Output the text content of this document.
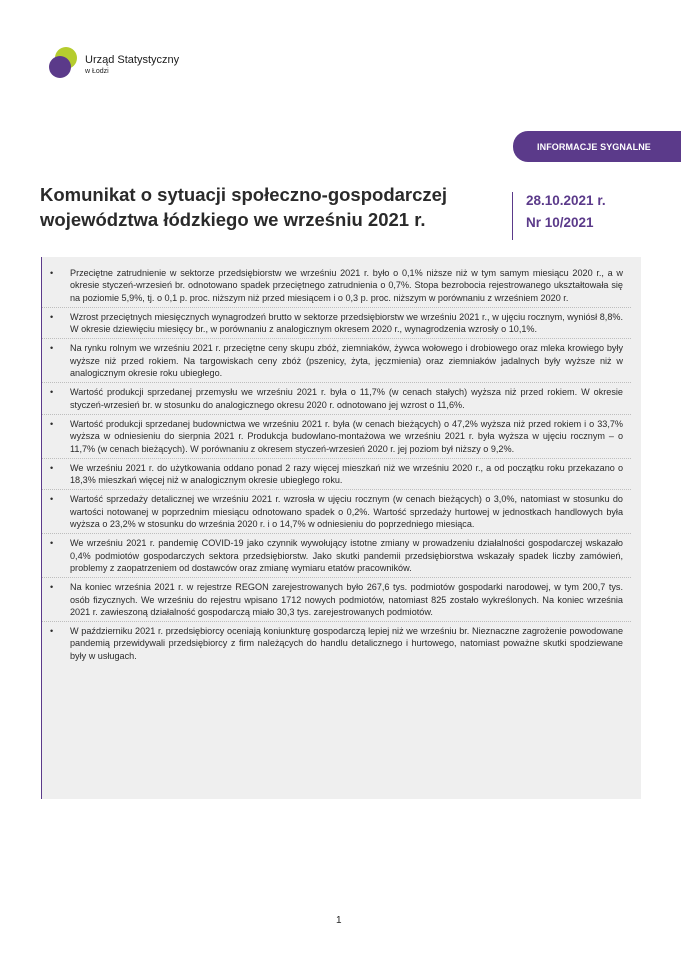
Urząd Statystyczny
w Łodzi
INFORMACJE SYGNALNE
Komunikat o sytuacji społeczno-gospodarczej
województwa łódzkiego we wrześniu 2021 r.
28.10.2021 r.
Nr 10/2021
• Przeciętne zatrudnienie w sektorze przedsiębiorstw we wrześniu 2021 r. było o 0,1% niższe niż w tym samym miesiącu 2020 r., a w okresie styczeń-wrzesień br. odnotowano spadek przeciętnego zatrudnienia o 0,7%. Stopa bezrobocia rejestrowanego ukształtowała się na poziomie 5,9%, tj. o 0,1 p. proc. niższym niż przed miesiącem i o 0,3 p. proc. niższym w porównaniu z wrześniem 2020 r.
• Wzrost przeciętnych miesięcznych wynagrodzeń brutto w sektorze przedsiębiorstw we wrześniu 2021 r., w ujęciu rocznym, wyniósł 8,8%. W okresie dziewięciu miesięcy br., w porównaniu z analogicznym okresem 2020 r., wynagrodzenia wzrosły o 10,1%.
• Na rynku rolnym we wrześniu 2021 r. przeciętne ceny skupu zbóż, ziemniaków, żywca wołowego i drobiowego oraz mleka krowiego były wyższe niż przed rokiem. Na targowiskach ceny zbóż (pszenicy, żyta, jęczmienia) oraz ziemniaków jadalnych były wyższe niż w analogicznym okresie roku ubiegłego.
• Wartość produkcji sprzedanej przemysłu we wrześniu 2021 r. była o 11,7% (w cenach stałych) wyższa niż przed rokiem. W okresie styczeń-wrzesień br. w stosunku do analogicznego okresu 2020 r. odnotowano jej wzrost o 11,6%.
• Wartość produkcji sprzedanej budownictwa we wrześniu 2021 r. była (w cenach bieżących) o 47,2% wyższa niż przed rokiem i o 33,7% wyższa w odniesieniu do sierpnia 2021 r. Produkcja budowlano-montażowa we wrześniu 2021 r. była wyższa w ujęciu rocznym – o 11,7% (w cenach bieżących). W porównaniu z okresem styczeń-wrzesień 2020 r. jej poziom był niższy o 9,2%.
• We wrześniu 2021 r. do użytkowania oddano ponad 2 razy więcej mieszkań niż we wrześniu 2020 r., a od początku roku przekazano o 18,3% mieszkań więcej niż w analogicznym okresie ubiegłego roku.
• Wartość sprzedaży detalicznej we wrześniu 2021 r. wzrosła w ujęciu rocznym (w cenach bieżących) o 3,0%, natomiast w stosunku do wartości notowanej w poprzednim miesiącu odnotowano spadek o 0,2%. Wartość sprzedaży hurtowej w jednostkach handlowych była wyższa o 23,2% w stosunku do września 2020 r. i o 14,7% w odniesieniu do poprzedniego miesiąca.
• We wrześniu 2021 r. pandemię COVID-19 jako czynnik wywołujący istotne zmiany w prowadzeniu działalności gospodarczej wskazało 0,4% podmiotów gospodarczych sektora przedsiębiorstw. Jako skutki pandemii przedsiębiorstwa wskazały spadek liczby zamówień, problemy z zaopatrzeniem od dostawców oraz zmianę wymiaru etatów pracowników.
• Na koniec września 2021 r. w rejestrze REGON zarejestrowanych było 267,6 tys. podmiotów gospodarki narodowej, w tym 200,7 tys. osób fizycznych. We wrześniu do rejestru wpisano 1712 nowych podmiotów, natomiast 825 zostało wykreślonych. Na koniec września 2021 r. zawieszoną działalność gospodarczą miało 30,3 tys. zarejestrowanych podmiotów.
• W październiku 2021 r. przedsiębiorcy oceniają koniunkturę gospodarczą lepiej niż we wrześniu br. Nieznaczne zagrożenie powodowane pandemią przewidywali przedsiębiorcy z firm należących do handlu detalicznego i hurtowego, natomiast poważne skutki spodziewane były w usługach.
1
